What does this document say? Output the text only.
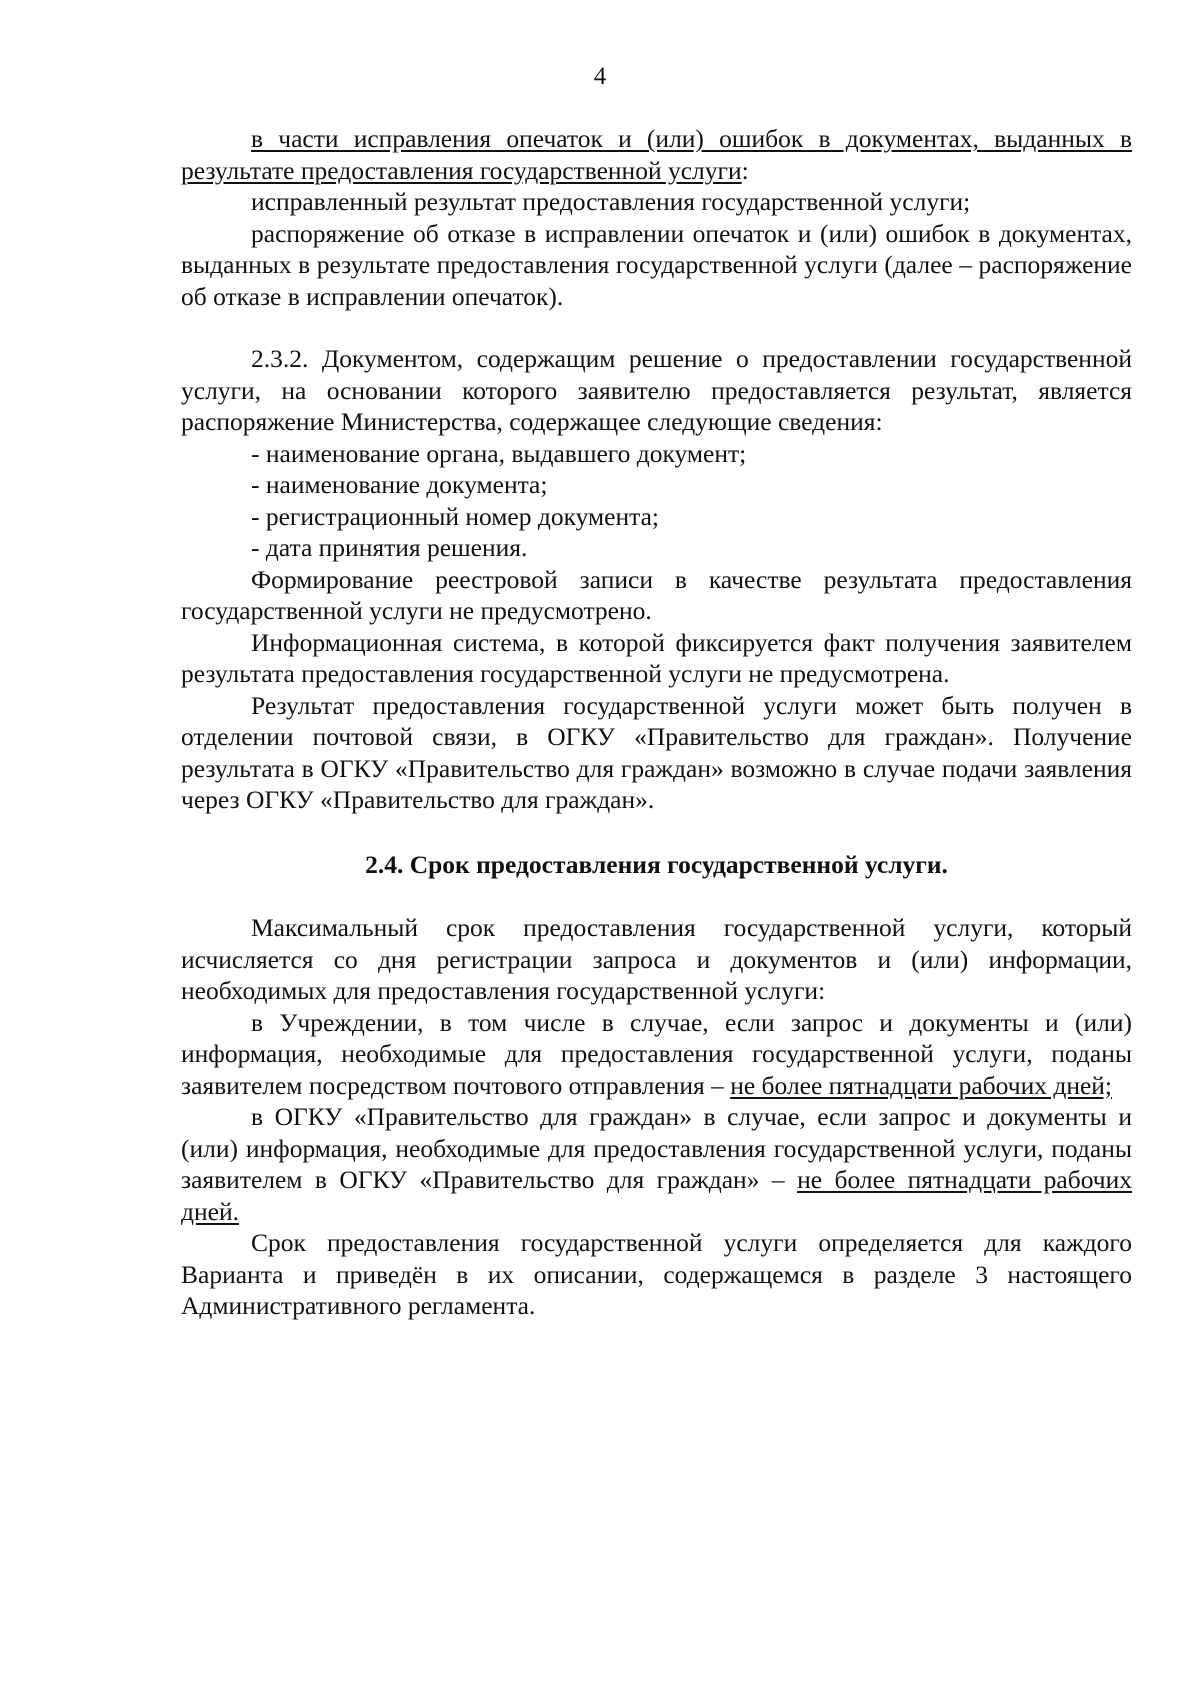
4

в части исправления опечаток и (или) ошибок в документах, выданных в результате предоставления государственной услуги:

исправленный результат предоставления государственной услуги;

распоряжение об отказе в исправлении опечаток и (или) ошибок в документах, выданных в результате предоставления государственной услуги (далее – распоряжение об отказе в исправлении опечаток).

2.3.2. Документом, содержащим решение о предоставлении государственной услуги, на основании которого заявителю предоставляется результат, является распоряжение Министерства, содержащее следующие сведения:

- наименование органа, выдавшего документ;

- наименование документа;

- регистрационный номер документа;

- дата принятия решения.

Формирование реестровой записи в качестве результата предоставления государственной услуги не предусмотрено.

Информационная система, в которой фиксируется факт получения заявителем результата предоставления государственной услуги не предусмотрена.

Результат предоставления государственной услуги может быть получен в отделении почтовой связи, в ОГКУ «Правительство для граждан». Получение результата в ОГКУ «Правительство для граждан» возможно в случае подачи заявления через ОГКУ «Правительство для граждан».

2.4. Срок предоставления государственной услуги.

Максимальный срок предоставления государственной услуги, который исчисляется со дня регистрации запроса и документов и (или) информации, необходимых для предоставления государственной услуги:

в Учреждении, в том числе в случае, если запрос и документы и (или) информация, необходимые для предоставления государственной услуги, поданы заявителем посредством почтового отправления – не более пятнадцати рабочих дней;

в ОГКУ «Правительство для граждан» в случае, если запрос и документы и (или) информация, необходимые для предоставления государственной услуги, поданы заявителем в ОГКУ «Правительство для граждан» – не более пятнадцати рабочих дней.

Срок предоставления государственной услуги определяется для каждого Варианта и приведён в их описании, содержащемся в разделе 3 настоящего Административного регламента.
